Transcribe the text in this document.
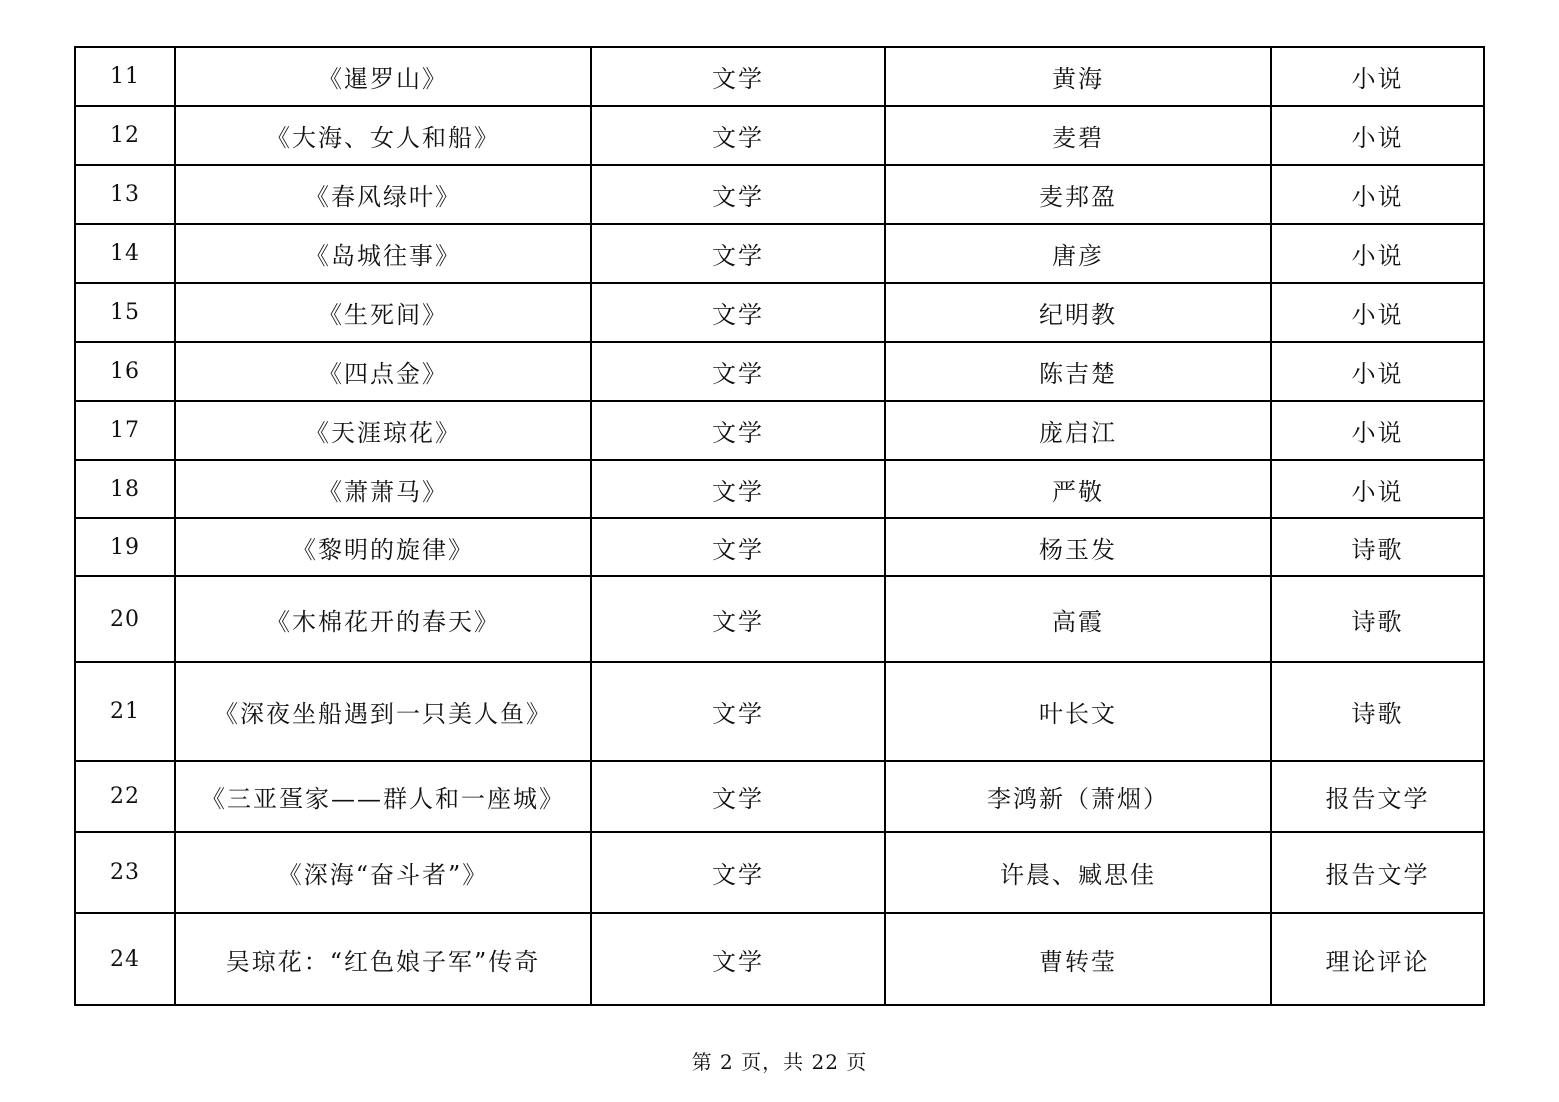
11	《暹罗山》	文学	黄海	小说
12	《大海、女人和船》	文学	麦碧	小说
13	《春风绿叶》	文学	麦邦盈	小说
14	《岛城往事》	文学	唐彦	小说
15	《生死间》	文学	纪明教	小说
16	《四点金》	文学	陈吉楚	小说
17	《天涯琼花》	文学	庞启江	小说
18	《萧萧马》	文学	严敬	小说
19	《黎明的旋律》	文学	杨玉发	诗歌
20	《木棉花开的春天》	文学	高霞	诗歌
21	《深夜坐船遇到一只美人鱼》	文学	叶长文	诗歌
22	《三亚疍家——群人和一座城》	文学	李鸿新（萧烟）	报告文学
23	《深海“奋斗者”》	文学	许晨、臧思佳	报告文学
24	吴琼花：“红色娘子军”传奇	文学	曹转莹	理论评论
第 2 页，共 22 页
